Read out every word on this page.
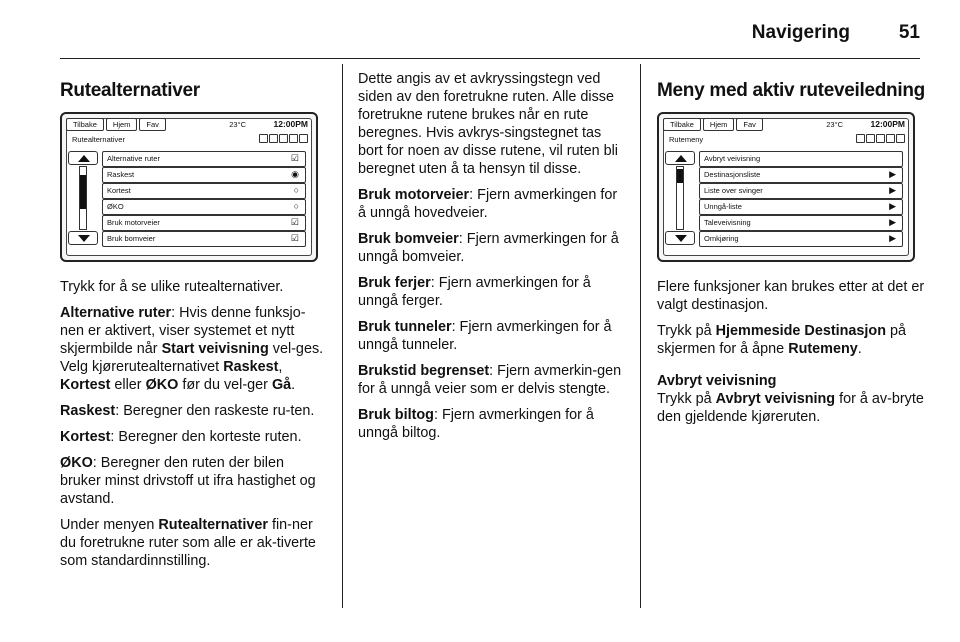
Navigering	51
Rutealternativer
Tilbake	Hjem	Fav	23°C	12:00PM
Rutealternativer
Alternative ruter	☑
Raskest	◉
Kortest	○
ØKO	○
Bruk motorveier	☑
Bruk bomveier	☑

Trykk for å se ulike rutealternativer.

Alternative ruter: Hvis denne funksjo-nen er aktivert, viser systemet et nytt skjermbilde når Start veivisning vel-ges. Velg kjørerutealternativet Raskest, Kortest eller ØKO før du vel-ger Gå.

Raskest: Beregner den raskeste ru-ten.

Kortest: Beregner den korteste ruten.

ØKO: Beregner den ruten der bilen bruker minst drivstoff ut ifra hastighet og avstand.

Under menyen Rutealternativer fin-ner du foretrukne ruter som alle er ak-tiverte som standardinnstilling.

Dette angis av et avkryssingstegn ved siden av den foretrukne ruten. Alle disse foretrukne rutene brukes når en rute beregnes. Hvis avkrys-singstegnet tas bort for noen av disse rutene, vil ruten bli beregnet uten å ta hensyn til disse.

Bruk motorveier: Fjern avmerkingen for å unngå hovedveier.

Bruk bomveier: Fjern avmerkingen for å unngå bomveier.

Bruk ferjer: Fjern avmerkingen for å unngå ferger.

Bruk tunneler: Fjern avmerkingen for å unngå tunneler.

Brukstid begrenset: Fjern avmerkin-gen for å unngå veier som er delvis stengte.

Bruk biltog: Fjern avmerkingen for å unngå biltog.

Meny med aktiv ruteveiledning
Tilbake	Hjem	Fav	23°C	12:00PM
Rutemeny
Avbryt veivisning
Destinasjonsliste	▶
Liste over svinger	▶
Unngå-liste	▶
Taleveivisning	▶
Omkjøring	▶

Flere funksjoner kan brukes etter at det er valgt destinasjon.

Trykk på Hjemmeside Destinasjon på skjermen for å åpne Rutemeny.

Avbryt veivisning

Trykk på Avbryt veivisning for å av-bryte den gjeldende kjøreruten.
